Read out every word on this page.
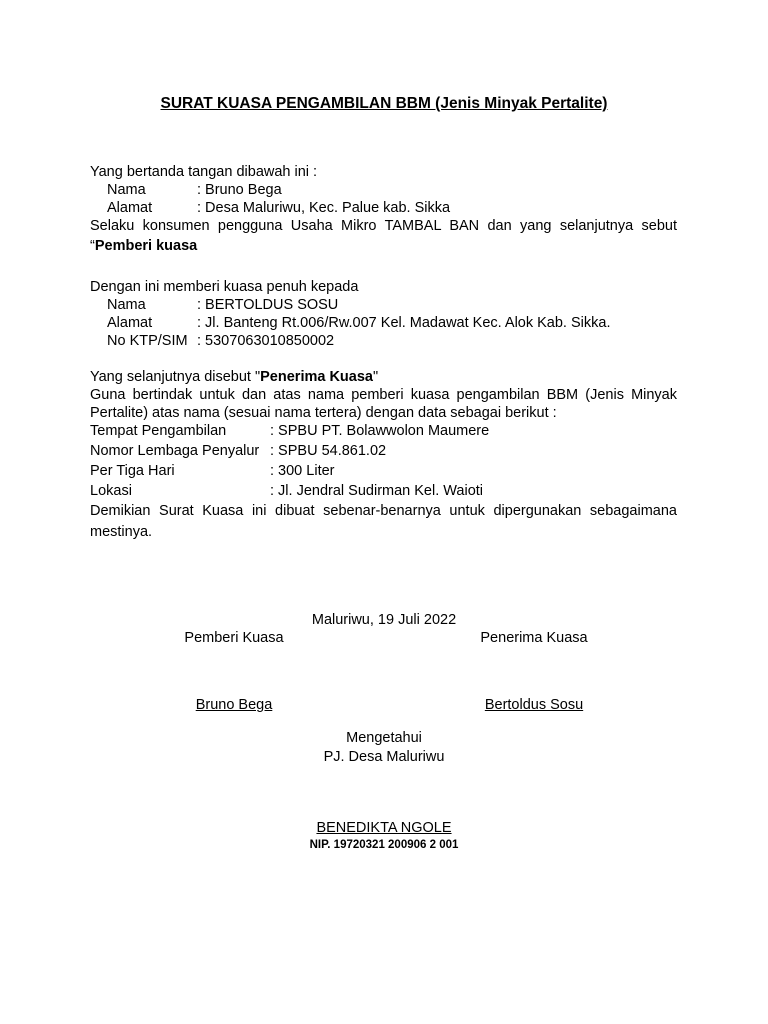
SURAT KUASA PENGAMBILAN BBM (Jenis Minyak Pertalite)
Yang bertanda tangan dibawah ini :
Nama	: Bruno Bega
Alamat	: Desa Maluriwu, Kec. Palue kab. Sikka
Selaku konsumen pengguna Usaha Mikro TAMBAL BAN dan yang selanjutnya sebut
“Pemberi kuasa
Dengan ini memberi kuasa penuh kepada
Nama	: BERTOLDUS SOSU
Alamat	: Jl. Banteng Rt.006/Rw.007 Kel. Madawat Kec. Alok Kab. Sikka.
No KTP/SIM : 5307063010850002
Yang selanjutnya disebut "Penerima Kuasa"
Guna bertindak untuk dan atas nama pemberi kuasa pengambilan BBM (Jenis Minyak
Pertalite) atas nama (sesuai nama tertera) dengan data sebagai berikut :
Tempat Pengambilan	: SPBU PT. Bolawwolon Maumere
Nomor Lembaga Penyalur : SPBU 54.861.02
Per Tiga Hari	: 300 Liter
Lokasi	: Jl. Jendral Sudirman Kel. Waioti
Demikian Surat Kuasa ini dibuat sebenar-benarnya untuk dipergunakan sebagaimana
mestinya.
Maluriwu, 19 Juli 2022
Pemberi Kuasa	Penerima Kuasa
Bruno Bega	Bertoldus Sosu
Mengetahui
PJ. Desa Maluriwu
BENEDIKTA NGOLE
NIP. 19720321 200906 2 001
